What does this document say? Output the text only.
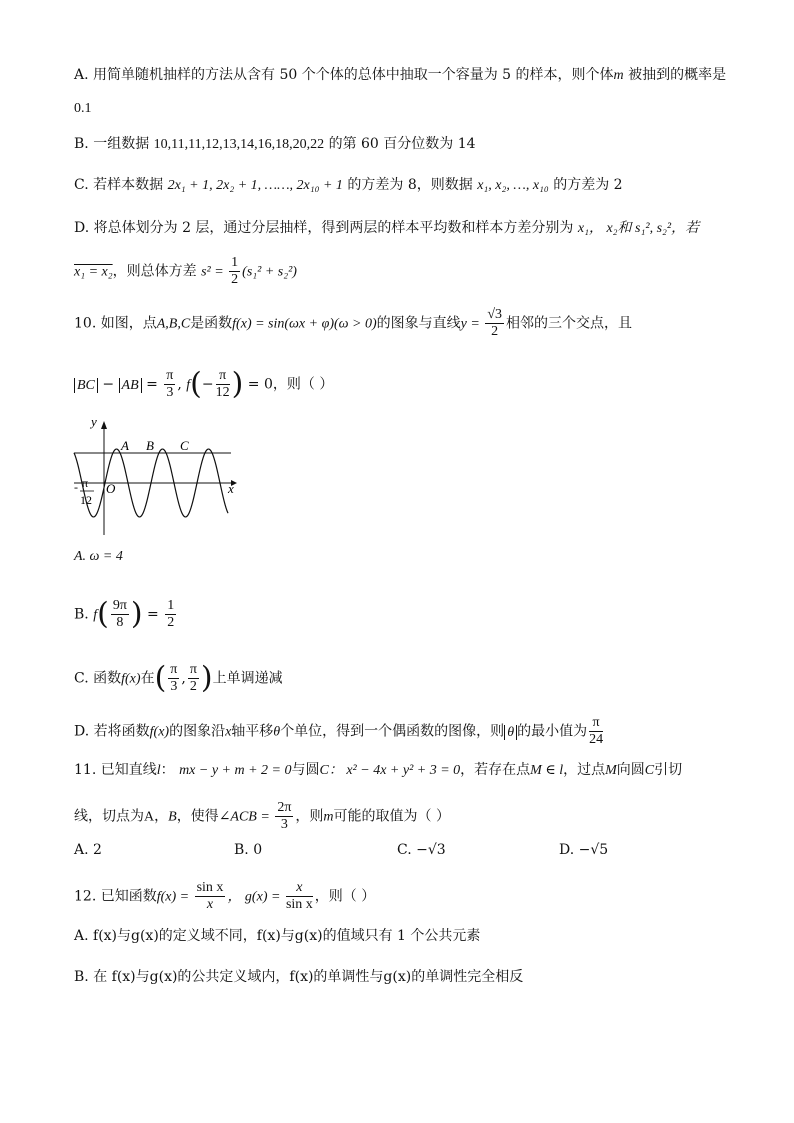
A. 用简单随机抽样的方法从含有 50 个个体的总体中抽取一个容量为 5 的样本，则个体m 被抽到的概率是
0.1
B. 一组数据 10,11,11,12,13,14,16,18,20,22 的第 60 百分位数为 14
C. 若样本数据 2x₁ + 1, 2x₂ + 1, ……, 2x₁₀ + 1 的方差为 8，则数据 x₁, x₂, …, x₁₀ 的方差为 2
D. 将总体划分为 2 层，通过分层抽样，得到两层的样本平均数和样本方差分别为 x₁， x₂和 s₁², s₂²，若
x₁ = x₂，则总体方差 $s^2 = \frac{1}{2} (s_1^2 + s_2^2)$
10. 如图，点A,B,C是函数f(x) = sin(ωx + φ)(ω > 0)的图象与直线$y = \frac{√3}{2}$ 相邻的三个交点，且
BC − AB = $\frac{\pi}{3}$ , $f(- \frac{\pi}{12}$ ) = 0，则（ ）
y
x
O
A B C
- π
12
A. ω = 4
B. $f( \frac{9\pi}{8}$ ) = $\frac{1}{2}$
C. 函数f(x)在( $\frac{\pi}{3}$ , $\frac{\pi}{2}$ )上单调递减
D. 若将函数f(x)的图象沿x轴平移θ个单位，得到一个偶函数的图像，则 θ 的最小值为 $\frac{\pi}{24}$
11. 已知直线l： mx − y + m + 2 = 0与圆C： x² − 4x + y² + 3 = 0，若存在点M ∈ l，过点M向圆C引切
线，切点为A，B，使得∠ACB = $\frac{2\pi}{3}$ ，则m可能的取值为（ ）
A. 2	B. 0	C. −√3	D. −√5
12. 已知函数$f(x) = \frac{\text{sin x}}{x}$ ， $g(x) = \frac{x}{\text{sin x}}$ ，则（ ）
A. f(x)与g(x)的定义域不同，f(x)与g(x)的值域只有 1 个公共元素
B. 在 f(x)与g(x)的公共定义域内，f(x)的单调性与g(x)的单调性完全相反
